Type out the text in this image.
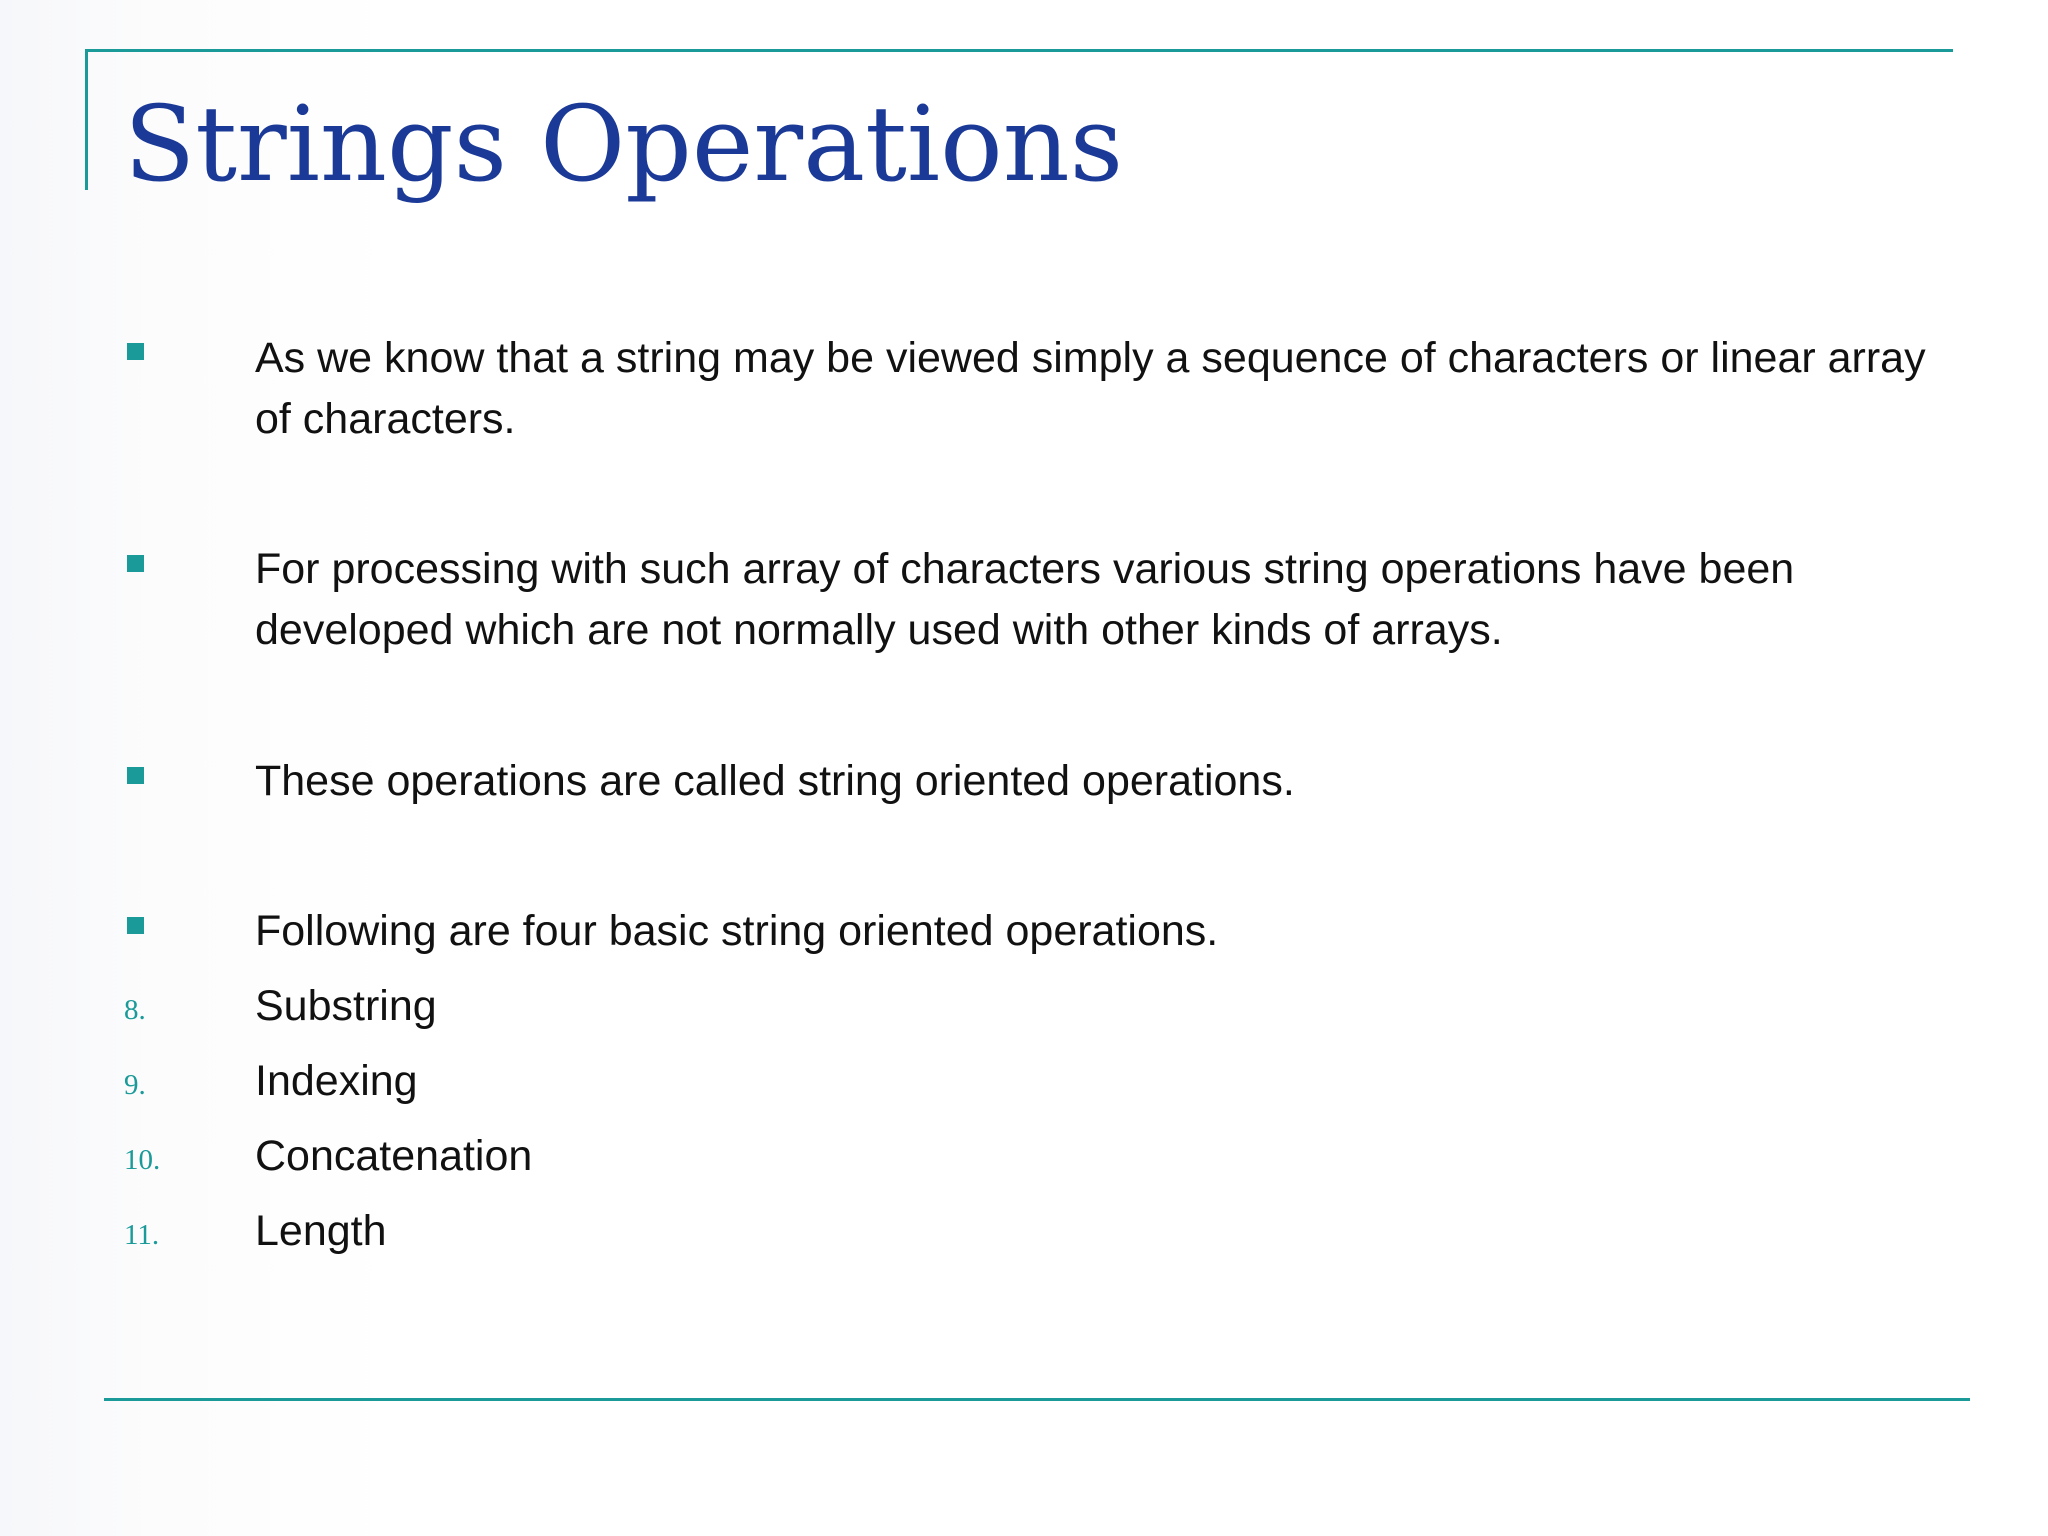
Strings Operations
As we know that a string may be viewed simply a sequence of characters or linear array of characters.
For processing with such array of characters various string operations have been developed which are not normally used with other kinds of arrays.
These operations are called string oriented operations.
Following are four basic string oriented operations.
8.	Substring
9.	Indexing
10. Concatenation
11. Length
